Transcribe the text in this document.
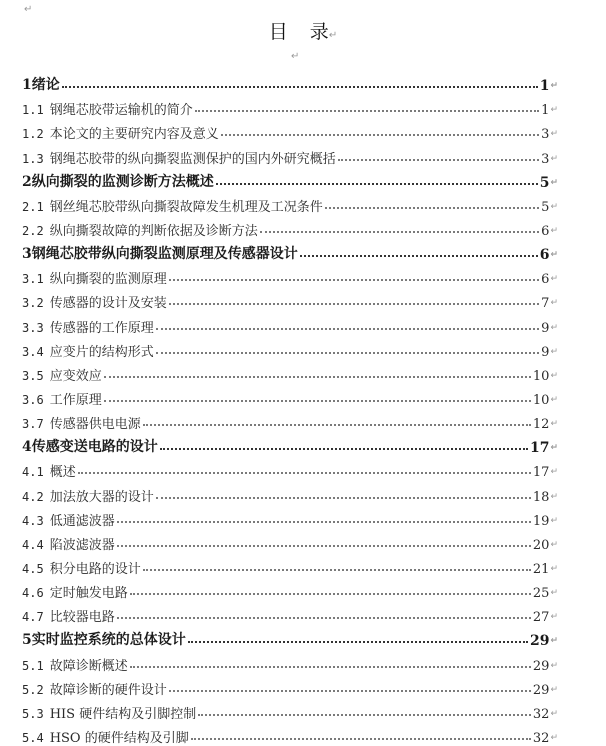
↵
目 录↵
↵
1绪论	1 ↵
1.1 钢绳芯胶带运输机的简介	1 ↵
1.2 本论文的主要研究内容及意义	3 ↵
1.3 钢绳芯胶带的纵向撕裂监测保护的国内外研究概括	3 ↵
2纵向撕裂的监测诊断方法概述	5 ↵
2.1 钢丝绳芯胶带纵向撕裂故障发生机理及工况条件	5 ↵
2.2 纵向撕裂故障的判断依据及诊断方法	6 ↵
3钢绳芯胶带纵向撕裂监测原理及传感器设计	6 ↵
3.1 纵向撕裂的监测原理	6 ↵
3.2 传感器的设计及安装	7 ↵
3.3 传感器的工作原理	9 ↵
3.4 应变片的结构形式	9 ↵
3.5 应变效应	10 ↵
3.6 工作原理	10 ↵
3.7 传感器供电电源	12 ↵
4传感变送电路的设计	17 ↵
4.1 概述	17 ↵
4.2 加法放大器的设计	18 ↵
4.3 低通滤波器	19 ↵
4.4 陷波滤波器	20 ↵
4.5 积分电路的设计	21 ↵
4.6 定时触发电路	25 ↵
4.7 比较器电路	27 ↵
5实时监控系统的总体设计	29 ↵
5.1 故障诊断概述	29 ↵
5.2 故障诊断的硬件设计	29 ↵
5.3 HIS 硬件结构及引脚控制	32 ↵
5.4 HSO 的硬件结构及引脚	32 ↵
